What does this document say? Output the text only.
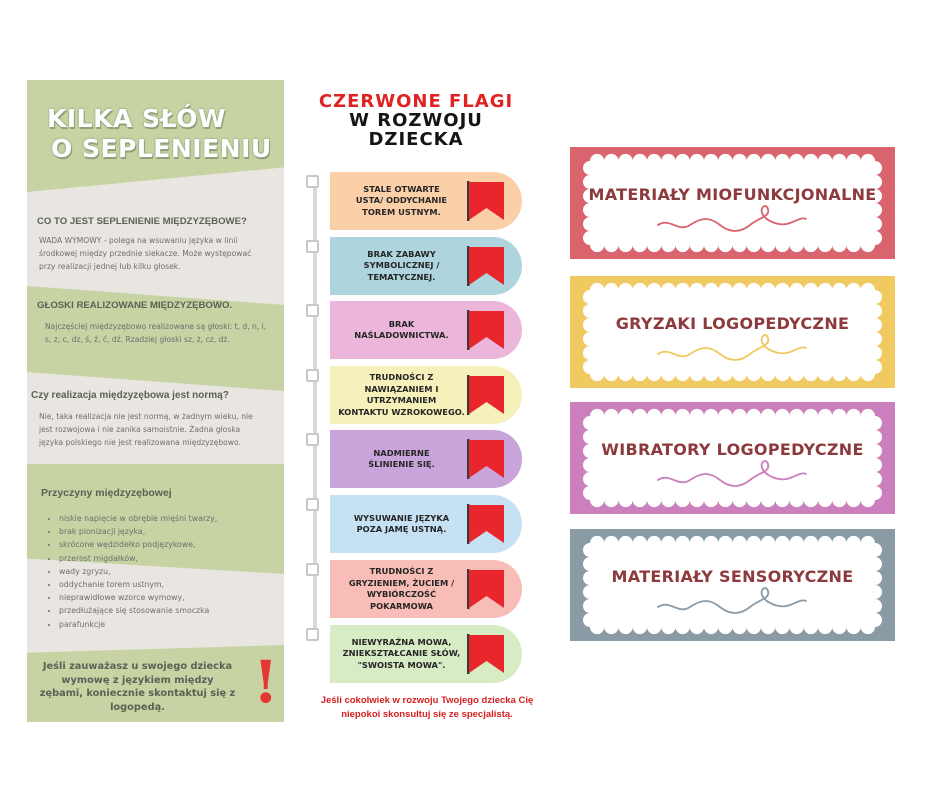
KILKA SŁÓW
O SEPLENIENIU
CO TO JEST SEPLENIENIE MIĘDZYZĘBOWE?
WADA WYMOWY - polega na wsuwaniu języka w linii
środkowej między przednie siekacze. Może występować
przy realizacji jednej lub kilku głosek.
GŁOSKI REALIZOWANE MIĘDZYZĘBOWO.
Najczęściej międzyzębowo realizowane są głoski: t, d, n, l,
s, z, c, dz, ś, ź, ć, dź. Rzadziej głoski sz, ż, cz, dż.
Czy realizacja międzyzębowa jest normą?
Nie, taka realizacja nie jest normą, w żadnym wieku, nie
jest rozwojowa i nie zanika samoistnie. Żadna głoska
języka polskiego nie jest realizowana międzyzębowo.
Przyczyny międzyzębowej
• niskie napięcie w obrębie mięśni twarzy,
• brak pionizacji języka,
• skrócone wędzidełko podjęzykowe,
• przerost migdałków,
• wady zgryzu,
• oddychanie torem ustnym,
• nieprawidłowe wzorce wymowy,
• przedłużające się stosowanie smoczka
• parafunkcje
Jeśli zauważasz u swojego dziecka
wymowę z językiem między
zębami, koniecznie skontaktuj się z
logopedą.	!
CZERWONE FLAGI
W ROZWOJU
DZIECKA
STALE OTWARTE
USTA/ ODDYCHANIE
TOREM USTNYM.
BRAK ZABAWY
SYMBOLICZNEJ /
TEMATYCZNEJ.
BRAK
NAŚLADOWNICTWA.
TRUDNOŚCI Z
NAWIĄZANIEM I
UTRZYMANIEM
KONTAKTU WZROKOWEGO.
NADMIERNE
ŚLINIENIE SIĘ.
WYSUWANIE JĘZYKA
POZA JAMĘ USTNĄ.
TRUDNOŚCI Z
GRYZIENIEM, ŻUCIEM /
WYBIÓRCZOŚĆ
POKARMOWA
NIEWYRAŹNA MOWA,
ZNIEKSZTAŁCANIE SŁÓW,
"SWOISTA MOWA".
Jeśli cokolwiek w rozwoju Twojego dziecka Cię
niepokoi skonsultuj się ze specjalistą.
MATERIAŁY MIOFUNKCJONALNE
GRYZAKI LOGOPEDYCZNE
WIBRATORY LOGOPEDYCZNE
MATERIAŁY SENSORYCZNE
